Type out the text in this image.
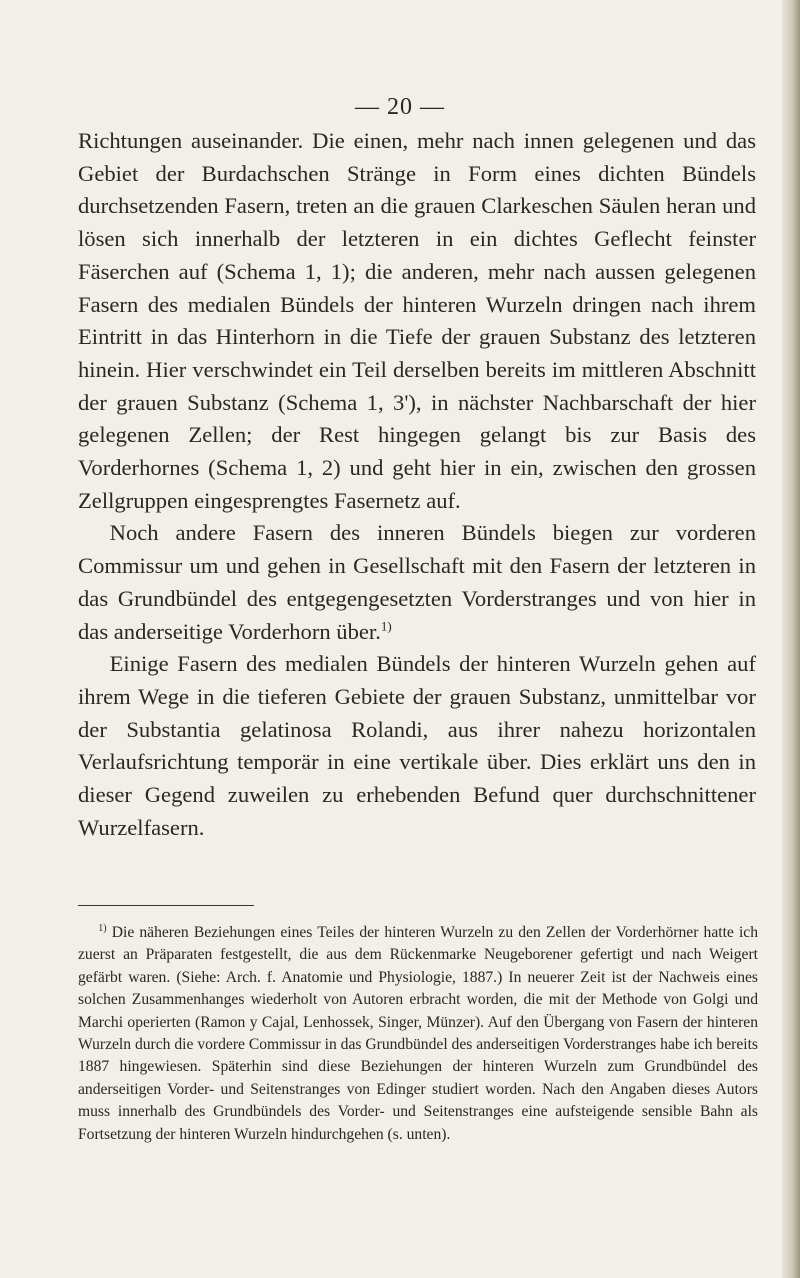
— 20 —

Richtungen auseinander. Die einen, mehr nach innen gelegenen und das Gebiet der Burdachschen Stränge in Form eines dichten Bündels durchsetzenden Fasern, treten an die grauen Clarkeschen Säulen heran und lösen sich innerhalb der letzteren in ein dichtes Geflecht feinster Fäserchen auf (Schema 1, 1); die anderen, mehr nach aussen gelegenen Fasern des medialen Bündels der hinteren Wurzeln dringen nach ihrem Eintritt in das Hinterhorn in die Tiefe der grauen Substanz des letzteren hinein. Hier verschwindet ein Teil derselben bereits im mittleren Abschnitt der grauen Substanz (Schema 1, 3'), in nächster Nachbarschaft der hier gelegenen Zellen; der Rest hingegen gelangt bis zur Basis des Vorderhornes (Schema 1, 2) und geht hier in ein, zwischen den grossen Zellgruppen eingesprengtes Fasernetz auf.

Noch andere Fasern des inneren Bündels biegen zur vorderen Commissur um und gehen in Gesellschaft mit den Fasern der letzteren in das Grundbündel des entgegengesetzten Vorderstranges und von hier in das anderseitige Vorderhorn über.$^{1)}$

Einige Fasern des medialen Bündels der hinteren Wurzeln gehen auf ihrem Wege in die tieferen Gebiete der grauen Substanz, unmittelbar vor der Substantia gelatinosa Rolandi, aus ihrer nahezu horizontalen Verlaufsrichtung temporär in eine vertikale über. Dies erklärt uns den in dieser Gegend zuweilen zu erhebenden Befund quer durchschnittener Wurzelfasern.

$^{1)}$ Die näheren Beziehungen eines Teiles der hinteren Wurzeln zu den Zellen der Vorderhörner hatte ich zuerst an Präparaten festgestellt, die aus dem Rückenmarke Neugeborener gefertigt und nach Weigert gefärbt waren. (Siehe: Arch. f. Anatomie und Physiologie, 1887.) In neuerer Zeit ist der Nachweis eines solchen Zusammenhanges wiederholt von Autoren erbracht worden, die mit der Methode von Golgi und Marchi operierten (Ramon y Cajal, Lenhossek, Singer, Münzer). Auf den Übergang von Fasern der hinteren Wurzeln durch die vordere Commissur in das Grundbündel des anderseitigen Vorderstranges habe ich bereits 1887 hingewiesen. Späterhin sind diese Beziehungen der hinteren Wurzeln zum Grundbündel des anderseitigen Vorder- und Seitenstranges von Edinger studiert worden. Nach den Angaben dieses Autors muss innerhalb des Grundbündels des Vorder- und Seitenstranges eine aufsteigende sensible Bahn als Fortsetzung der hinteren Wurzeln hindurchgehen (s. unten).
